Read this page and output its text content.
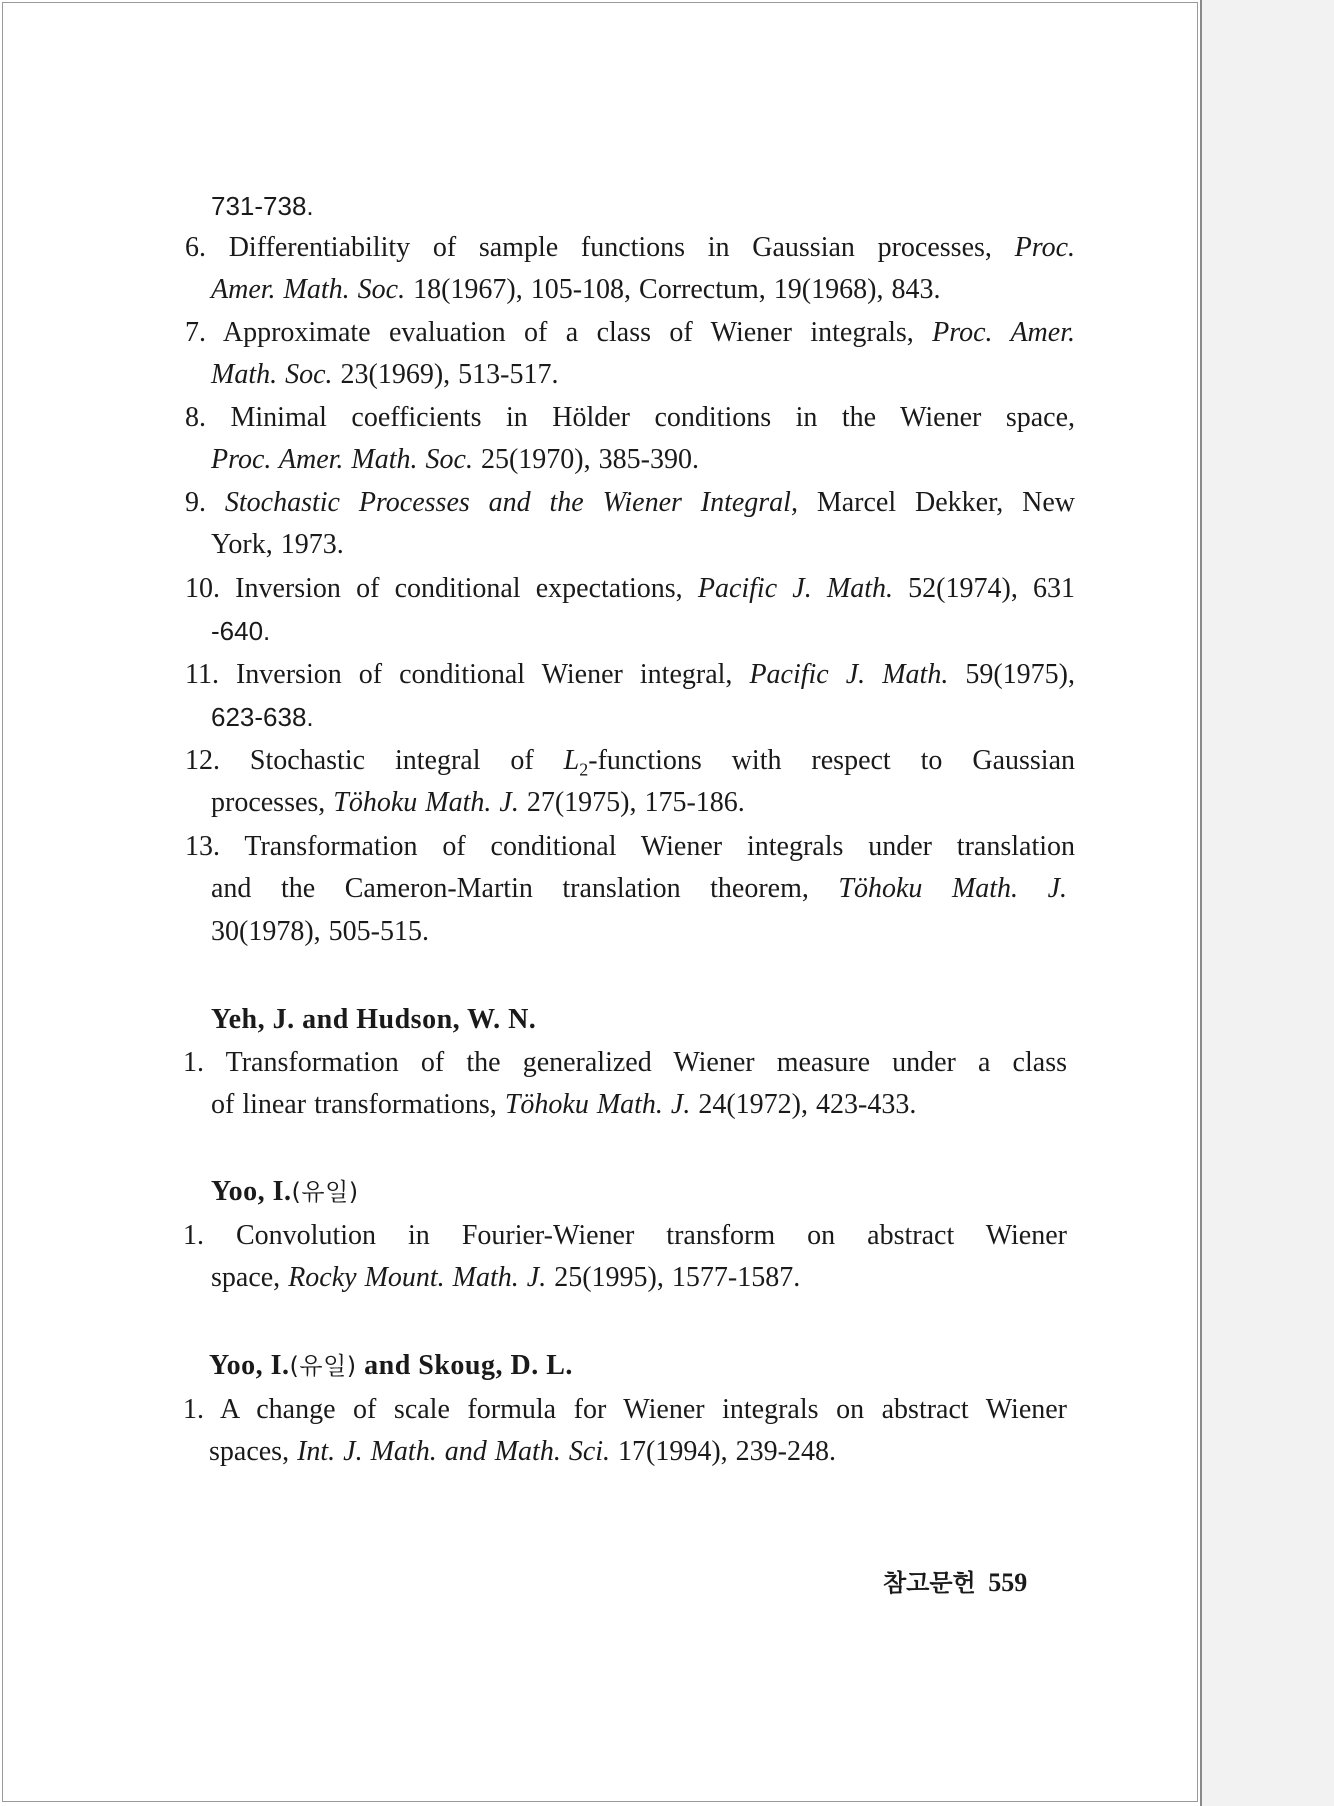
731-738.
6. Differentiability of sample functions in Gaussian processes, Proc.
Amer. Math. Soc. 18(1967), 105-108, Correctum, 19(1968), 843.
7. Approximate evaluation of a class of Wiener integrals, Proc. Amer.
Math. Soc. 23(1969), 513-517.
8. Minimal coefficients in Hölder conditions in the Wiener space,
Proc. Amer. Math. Soc. 25(1970), 385-390.
9. Stochastic Processes and the Wiener Integral, Marcel Dekker, New
York, 1973.
10. Inversion of conditional expectations, Pacific J. Math. 52(1974), 631
-640.
11. Inversion of conditional Wiener integral, Pacific J. Math. 59(1975),
623-638.
12. Stochastic integral of $L_2$-functions with respect to Gaussian
processes, Töhoku Math. J. 27(1975), 175-186.
13. Transformation of conditional Wiener integrals under translation
and the Cameron-Martin translation theorem, Töhoku Math. J.
30(1978), 505-515.
Yeh, J. and Hudson, W. N.
1. Transformation of the generalized Wiener measure under a class
of linear transformations, Töhoku Math. J. 24(1972), 423-433.
Yoo, I.(유일)
1. Convolution in Fourier-Wiener transform on abstract Wiener
space, Rocky Mount. Math. J. 25(1995), 1577-1587.
Yoo, I.(유일) and Skoug, D. L.
1. A change of scale formula for Wiener integrals on abstract Wiener
spaces, Int. J. Math. and Math. Sci. 17(1994), 239-248.
참고문헌 559
